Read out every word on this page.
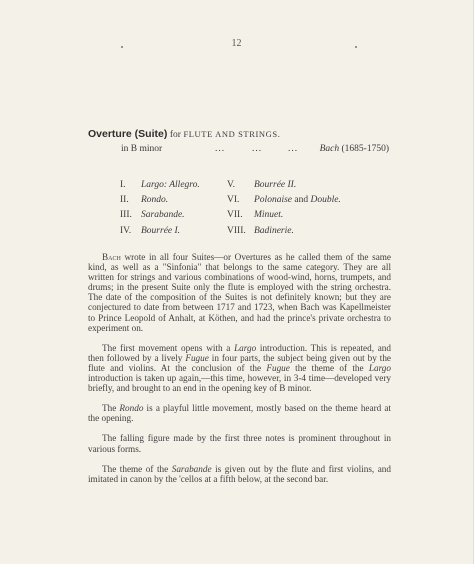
12
Overture (Suite) for FLUTE AND STRINGS.
in B minor	...	...	... Bach (1685-1750)
I. Largo: Allegro.	V. Bourrée II.
II. Rondo.	VI. Polonaise and Double.
III. Sarabande.	VII. Minuet.
IV. Bourrée I.	VIII. Badinerie.

Bach wrote in all four Suites—or Overtures as he called them of the same kind, as well as a "Sinfonia" that belongs to the same category. They are all written for strings and various combinations of wood-wind, horns, trumpets, and drums; in the present Suite only the flute is employed with the string orchestra. The date of the composition of the Suites is not definitely known; but they are conjectured to date from between 1717 and 1723, when Bach was Kapellmeister to Prince Leopold of Anhalt, at Köthen, and had the prince's private orchestra to experiment on.

The first movement opens with a Largo introduction. This is repeated, and then followed by a lively Fugue in four parts, the subject being given out by the flute and violins. At the conclusion of the Fugue the theme of the Largo introduction is taken up again,—this time, however, in 3-4 time—developed very briefly, and brought to an end in the opening key of B minor.

The Rondo is a playful little movement, mostly based on the theme heard at the opening.

The falling figure made by the first three notes is prominent throughout in various forms.

The theme of the Sarabande is given out by the flute and first violins, and imitated in canon by the 'cellos at a fifth below, at the second bar.
